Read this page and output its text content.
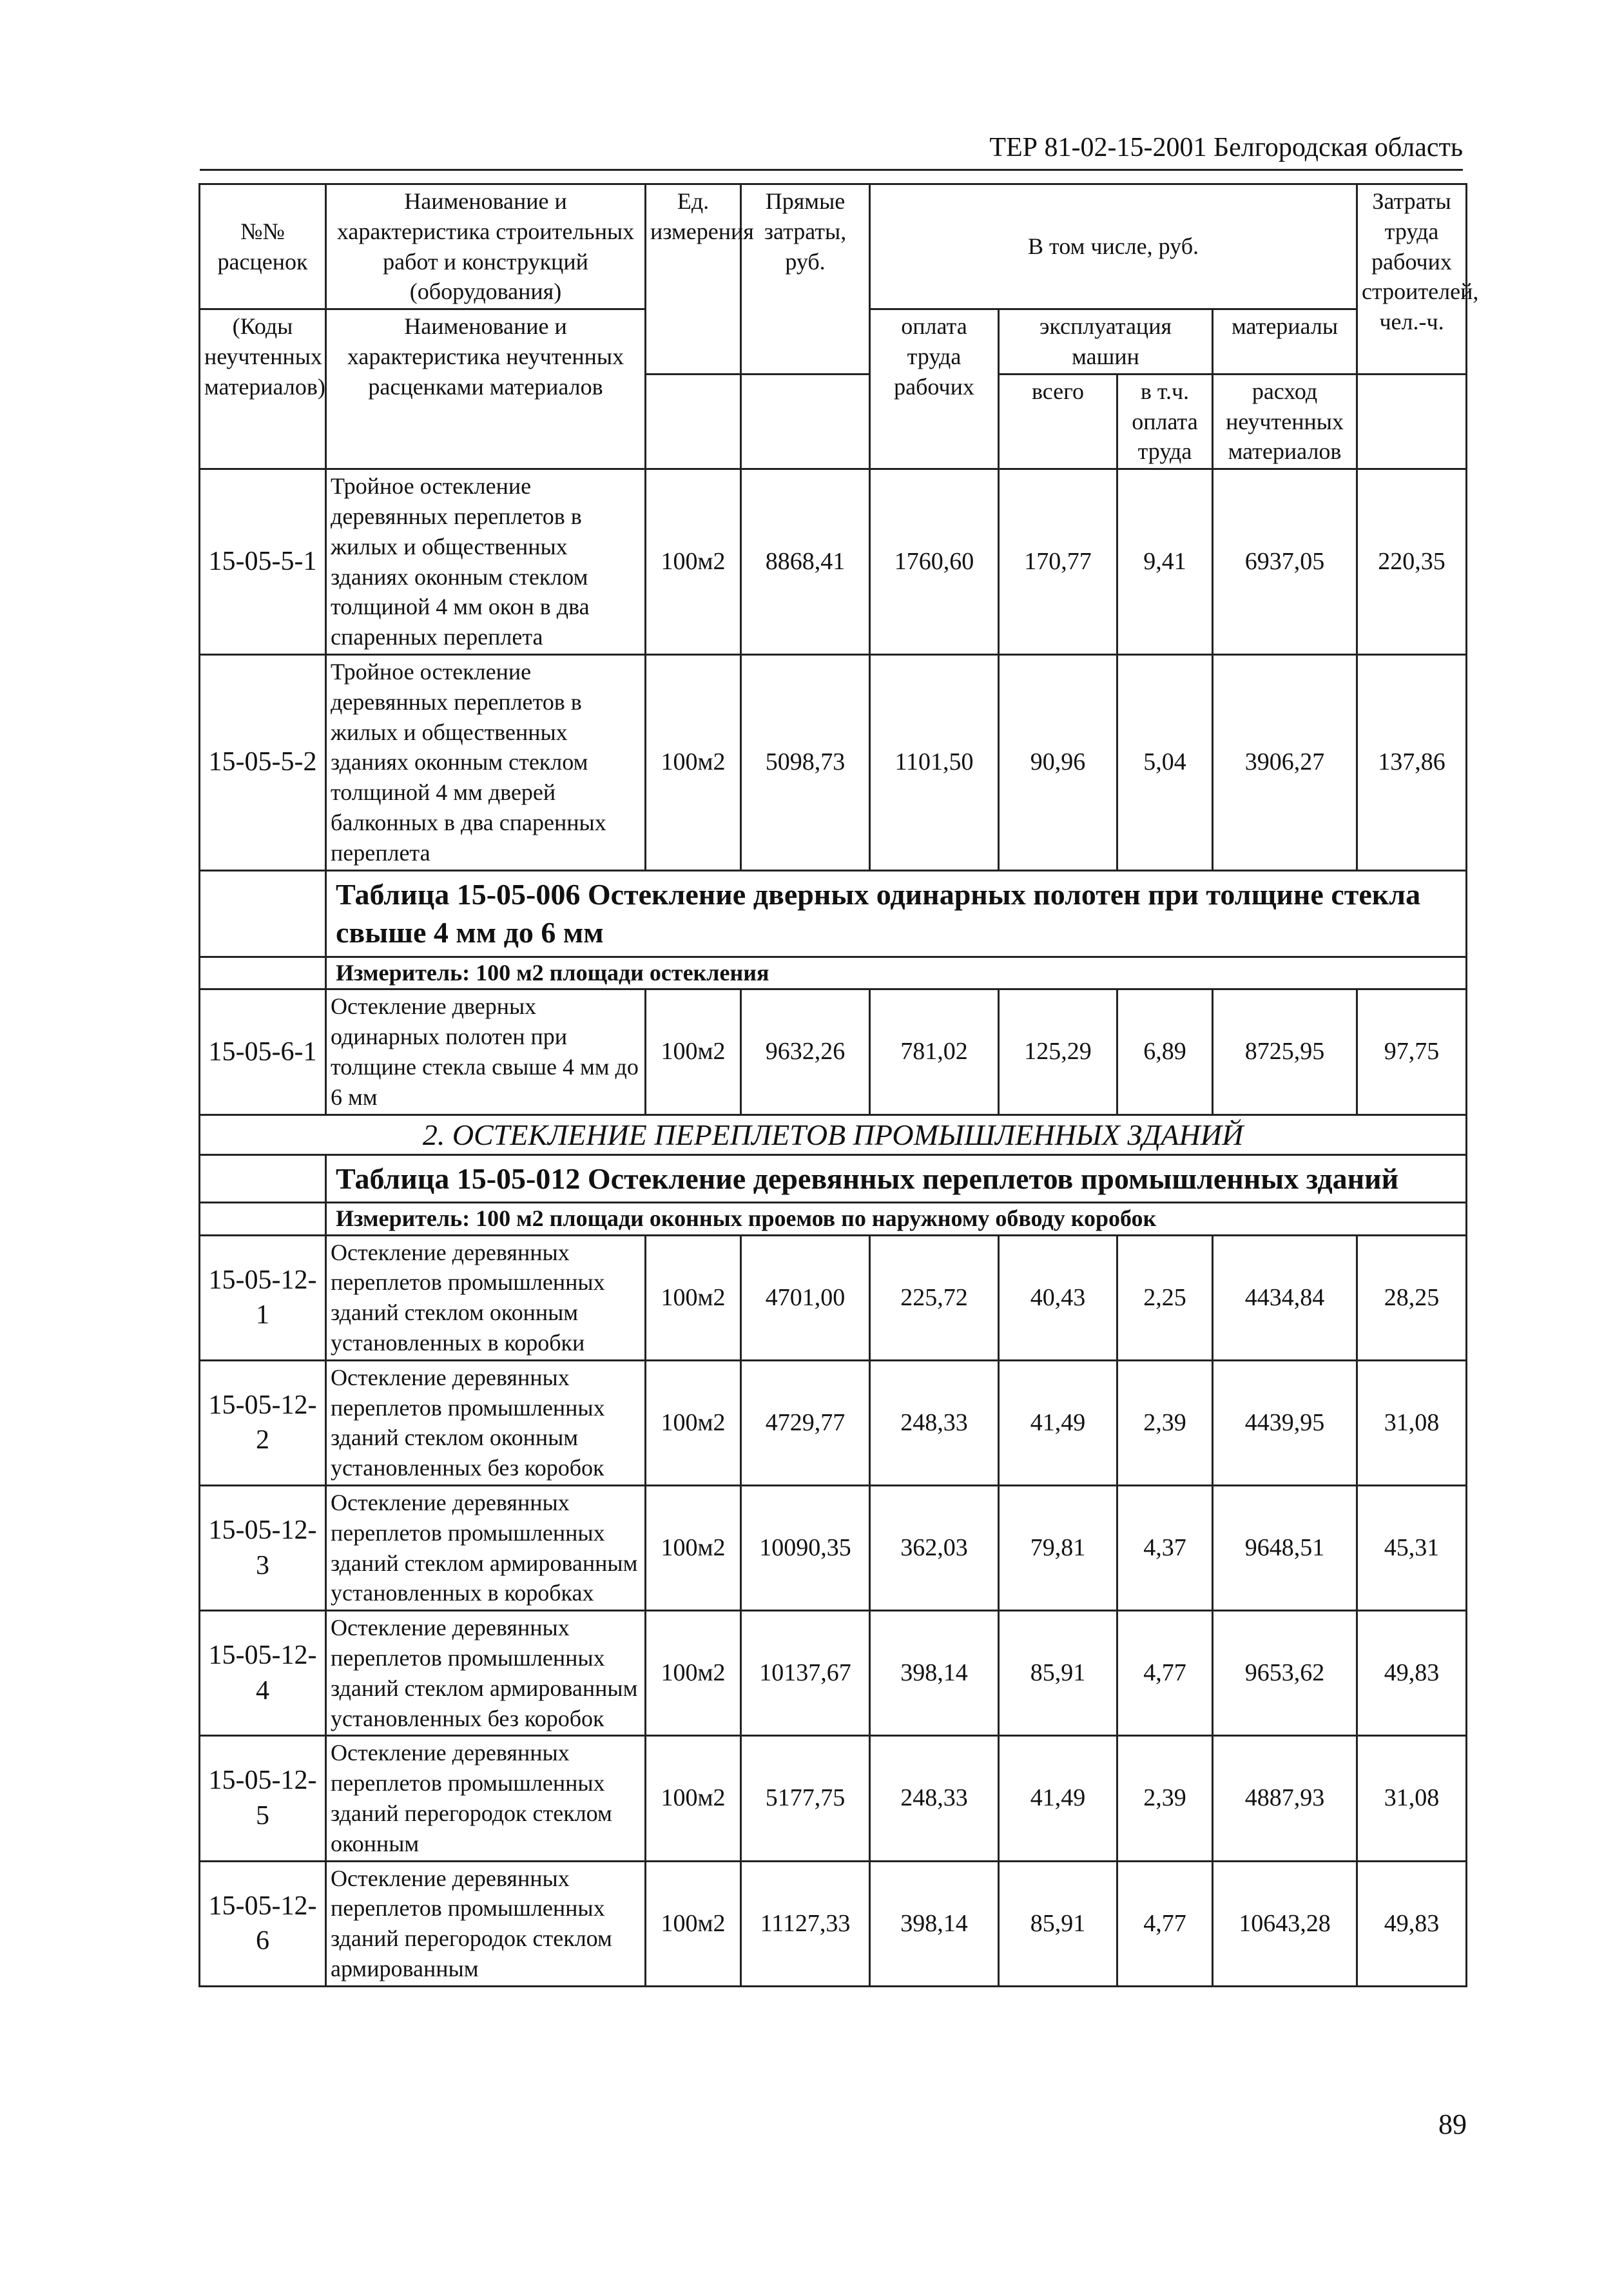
ТЕР 81-02-15-2001 Белгородская область
№№ расценок	Наименование и характеристика строительных работ и конструкций (оборудования)	Ед. измерения	Прямые затраты, руб.	В том числе, руб.				Затраты труда рабочих строителей, чел.-ч.
(Коды неучтенных материалов)	Наименование и характеристика неучтенных расценками материалов			оплата труда рабочих	эксплуатация машин		материалы	
					всего	в т.ч. оплата труда	расход неучтенных материалов	
15-05-5-1	Тройное остекление деревянных переплетов в жилых и общественных зданиях оконным стеклом толщиной 4 мм окон в два спаренных переплета	100м2	8868,41	1760,60	170,77	9,41	6937,05	220,35
15-05-5-2	Тройное остекление деревянных переплетов в жилых и общественных зданиях оконным стеклом толщиной 4 мм дверей балконных в два спаренных переплета	100м2	5098,73	1101,50	90,96	5,04	3906,27	137,86
	Таблица 15-05-006 Остекление дверных одинарных полотен при толщине стекла свыше 4 мм до 6 мм							
	Измеритель: 100 м2 площади остекления							
15-05-6-1	Остекление дверных одинарных полотен при толщине стекла свыше 4 мм до 6 мм	100м2	9632,26	781,02	125,29	6,89	8725,95	97,75
2. ОСТЕКЛЕНИЕ ПЕРЕПЛЕТОВ ПРОМЫШЛЕННЫХ ЗДАНИЙ								
	Таблица 15-05-012 Остекление деревянных переплетов промышленных зданий							
	Измеритель: 100 м2 площади оконных проемов по наружному обводу коробок							
15-05-12-1	Остекление деревянных переплетов промышленных зданий стеклом оконным установленных в коробки	100м2	4701,00	225,72	40,43	2,25	4434,84	28,25
15-05-12-2	Остекление деревянных переплетов промышленных зданий стеклом оконным установленных без коробок	100м2	4729,77	248,33	41,49	2,39	4439,95	31,08
15-05-12-3	Остекление деревянных переплетов промышленных зданий стеклом армированным установленных в коробках	100м2	10090,35	362,03	79,81	4,37	9648,51	45,31
15-05-12-4	Остекление деревянных переплетов промышленных зданий стеклом армированным установленных без коробок	100м2	10137,67	398,14	85,91	4,77	9653,62	49,83
15-05-12-5	Остекление деревянных переплетов промышленных зданий перегородок стеклом оконным	100м2	5177,75	248,33	41,49	2,39	4887,93	31,08
15-05-12-6	Остекление деревянных переплетов промышленных зданий перегородок стеклом армированным	100м2	11127,33	398,14	85,91	4,77	10643,28	49,83
89
